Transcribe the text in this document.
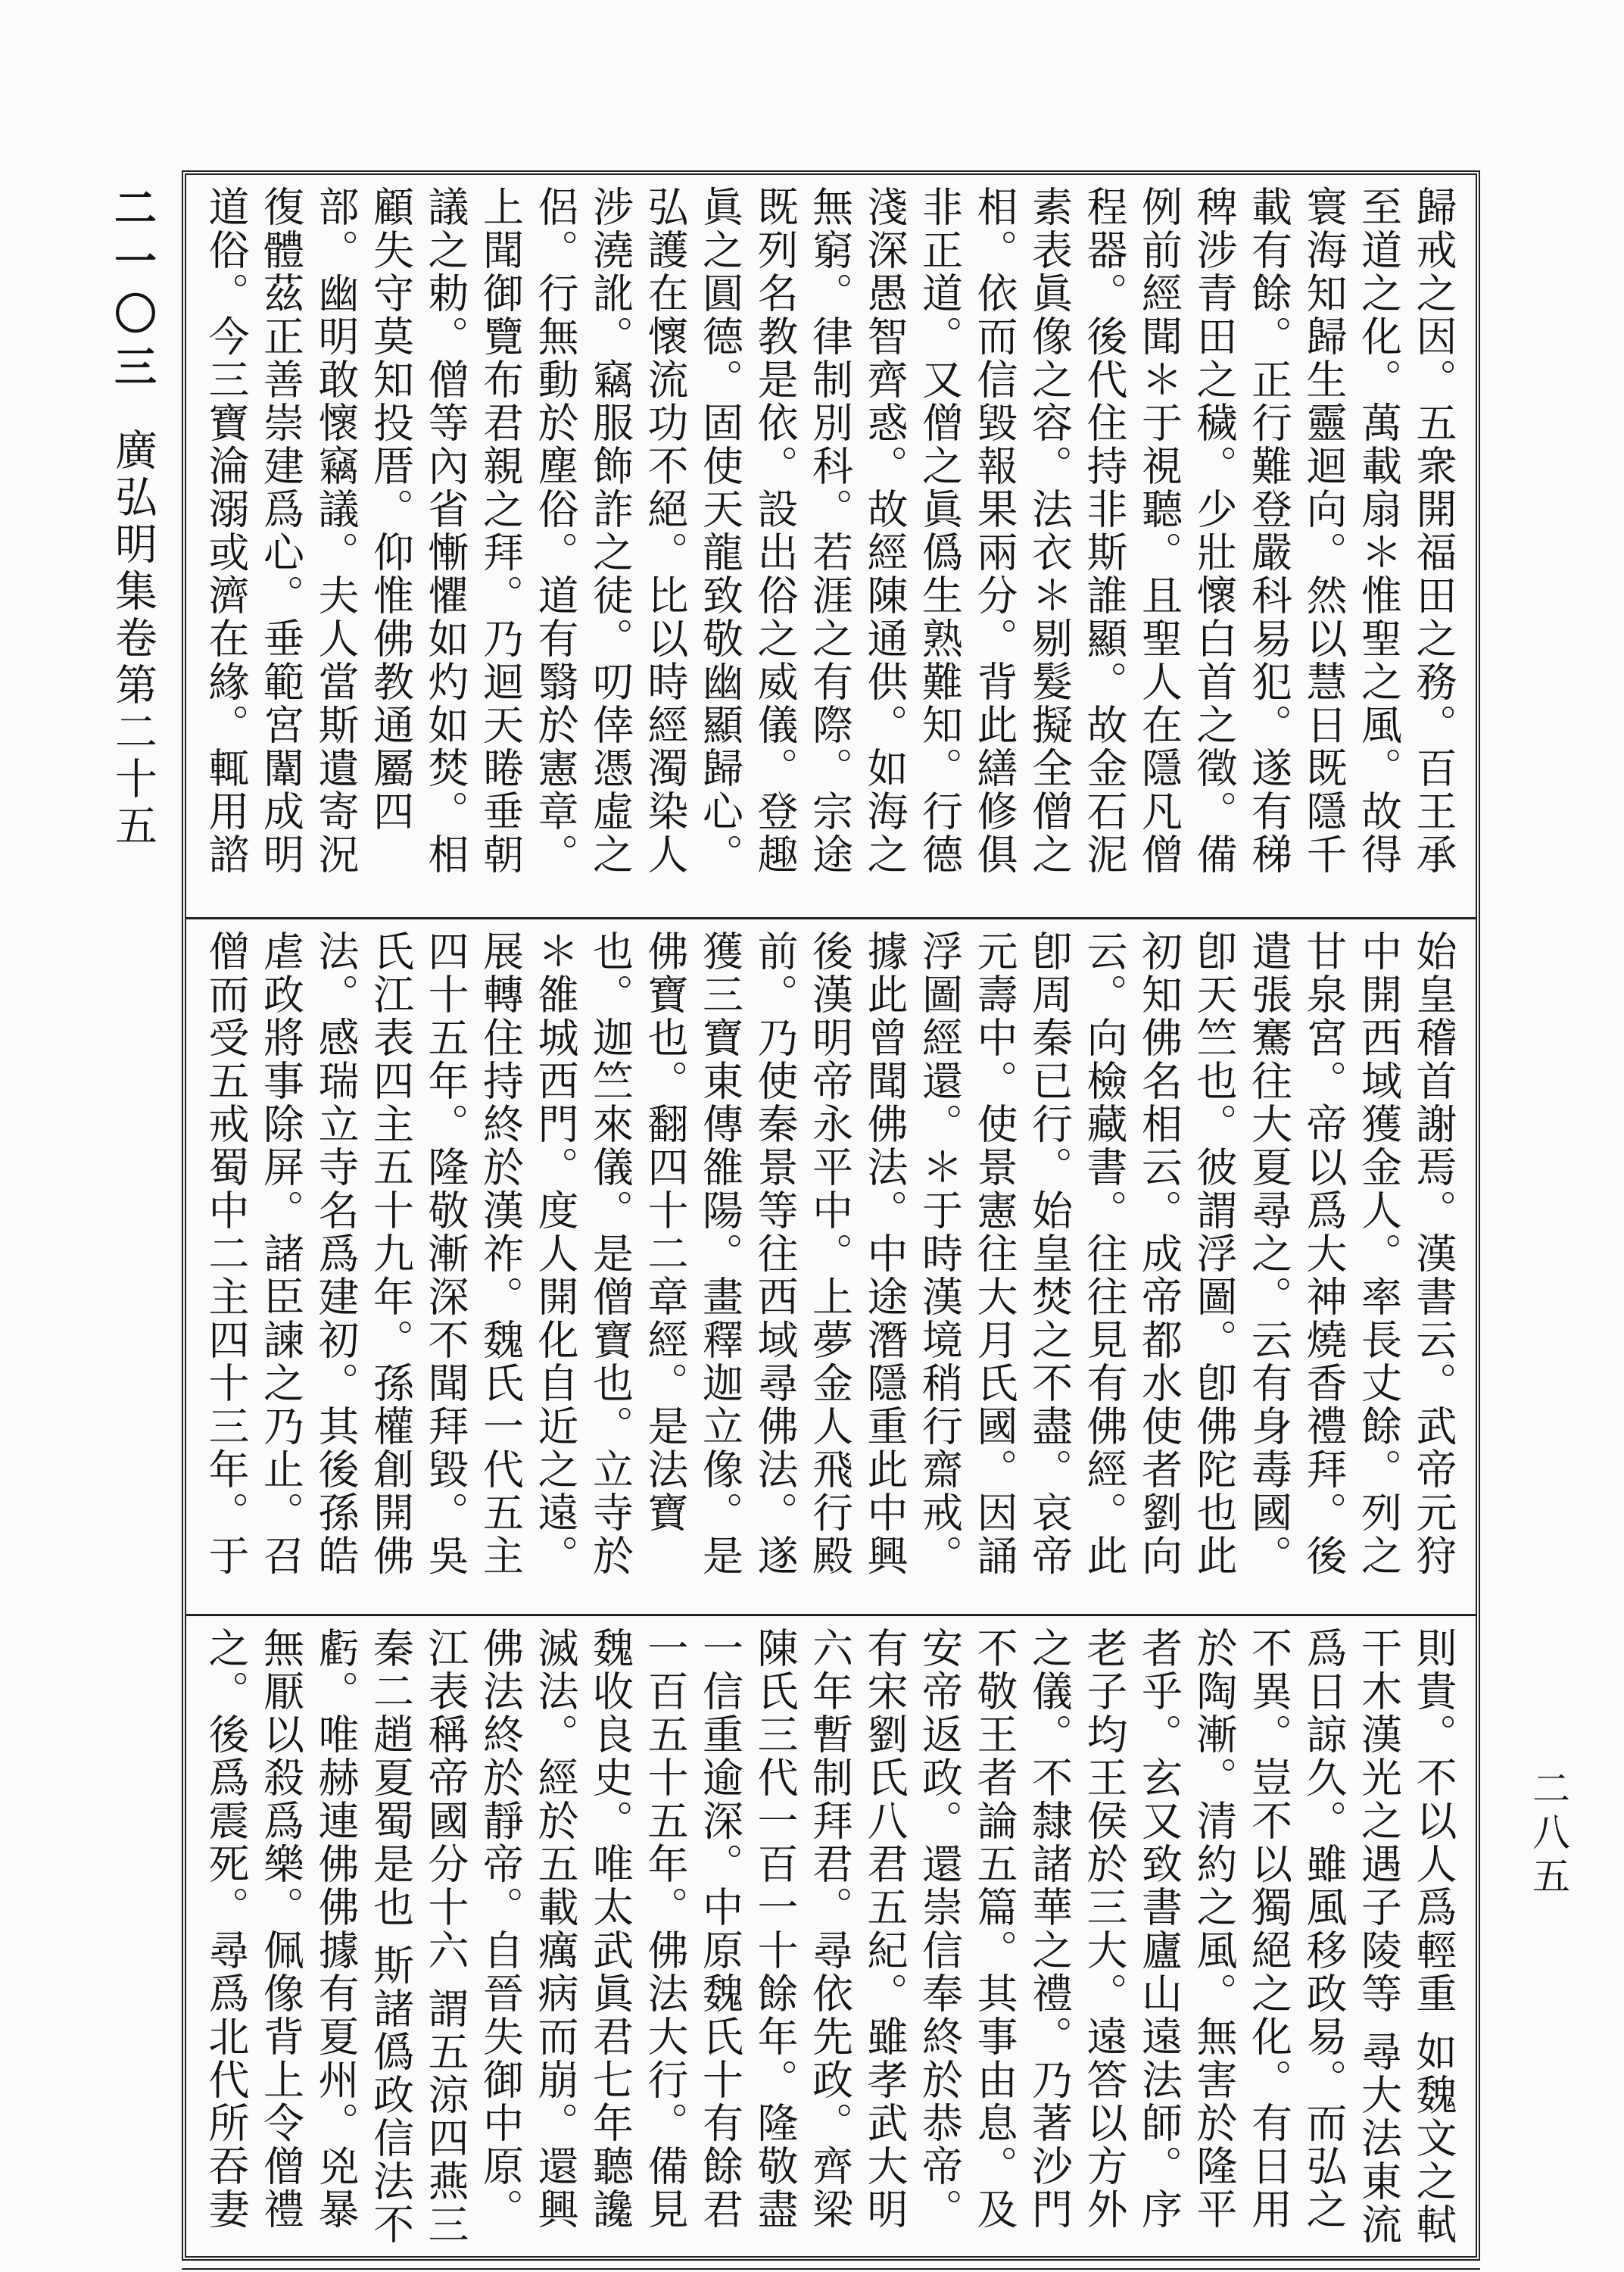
二一〇三廣弘明集卷第二十五
二八五
歸戒之因。五衆開福田之務。百王承至道之化。萬載扇＊惟聖之風。故得寰海知歸生靈迴向。然以慧日既隱千載有餘。正行難登嚴科易犯。遂有稊稗涉青田之穢。少壯懷白首之徵。備例前經聞＊于視聽。且聖人在隱凡僧程器。後代住持非斯誰顯。故金石泥素表眞像之容。法衣＊剔髮擬全僧之相。依而信毀報果兩分。背此繕修俱非正道。又僧之眞僞生熟難知。行德淺深愚智齊惑。故經陳通供。如海之無窮。律制別科。若涯之有際。宗途既列名教是依。設出俗之威儀。登趣眞之圓德。固使天龍致敬幽顯歸心。弘護在懷流功不絕。比以時經濁染人涉澆訛。竊服飾詐之徒。叨倖憑虛之侶。行無動於塵俗。道有翳於憲章。上聞御覽布君親之拜。乃迴天睠垂朝議之勅。僧等內省慚懼如灼如焚。相顧失守莫知投厝。仰惟佛教通屬四部。幽明敢懷竊議。夫人當斯遺寄況復體茲正善崇建爲心。垂範宮闈成明道俗。今三寶淪溺或濟在緣。輒用諮
始皇稽首謝焉。漢書云。武帝元狩中開西域獲金人。率長丈餘。列之甘泉宮。帝以爲大神燒香禮拜。後遣張騫往大夏尋之。云有身毒國。卽天竺也。彼謂浮圖。卽佛陀也此初知佛名相云。成帝都水使者劉向云。向檢藏書。往往見有佛經。此卽周秦已行。始皇焚之不盡。哀帝元壽中。使景憲往大月氏國。因誦浮圖經還。＊于時漢境稍行齋戒。據此曾聞佛法。中途潛隱重此中興後漢明帝永平中。上夢金人飛行殿前。乃使秦景等往西域尋佛法。遂獲三寶東傳雒陽。畫釋迦立像。是佛寶也。翻四十二章經。是法寶也。迦竺來儀。是僧寶也。立寺於＊雒城西門。度人開化自近之遠。展轉住持終於漢祚。魏氏一代五主四十五年。隆敬漸深不聞拜毀。吳氏江表四主五十九年。孫權創開佛法。感瑞立寺名爲建初。其後孫皓虐政將事除屏。諸臣諫之乃止。召僧而受五戒蜀中二主四十三年。于
則貴。不以人爲輕重 如魏文之軾干木漢光之遇子陵等 尋大法東流爲日諒久。雖風移政易。而弘之不異。豈不以獨絕之化。有日用於陶漸。清約之風。無害於隆平者乎。玄又致書廬山遠法師。序老子均王侯於三大。遠答以方外之儀。不隸諸華之禮。乃著沙門不敬王者論五篇。其事由息。及安帝返政。還崇信奉終於恭帝。有宋劉氏八君五紀。雖孝武大明六年暫制拜君。尋依先政。齊梁陳氏三代一百一十餘年。隆敬盡一信重逾深。中原魏氏十有餘君一百五十五年。佛法大行。備見魏收良史。唯太武眞君七年聽讒滅法。經於五載癘病而崩。還興佛法終於靜帝。自晉失御中原。江表稱帝國分十六 謂五涼四燕三秦二趙夏蜀是也 斯諸僞政信法不虧。唯赫連佛佛據有夏州。兇暴無厭以殺爲樂。佩像背上令僧禮之。後爲震死。尋爲北代所吞妻
